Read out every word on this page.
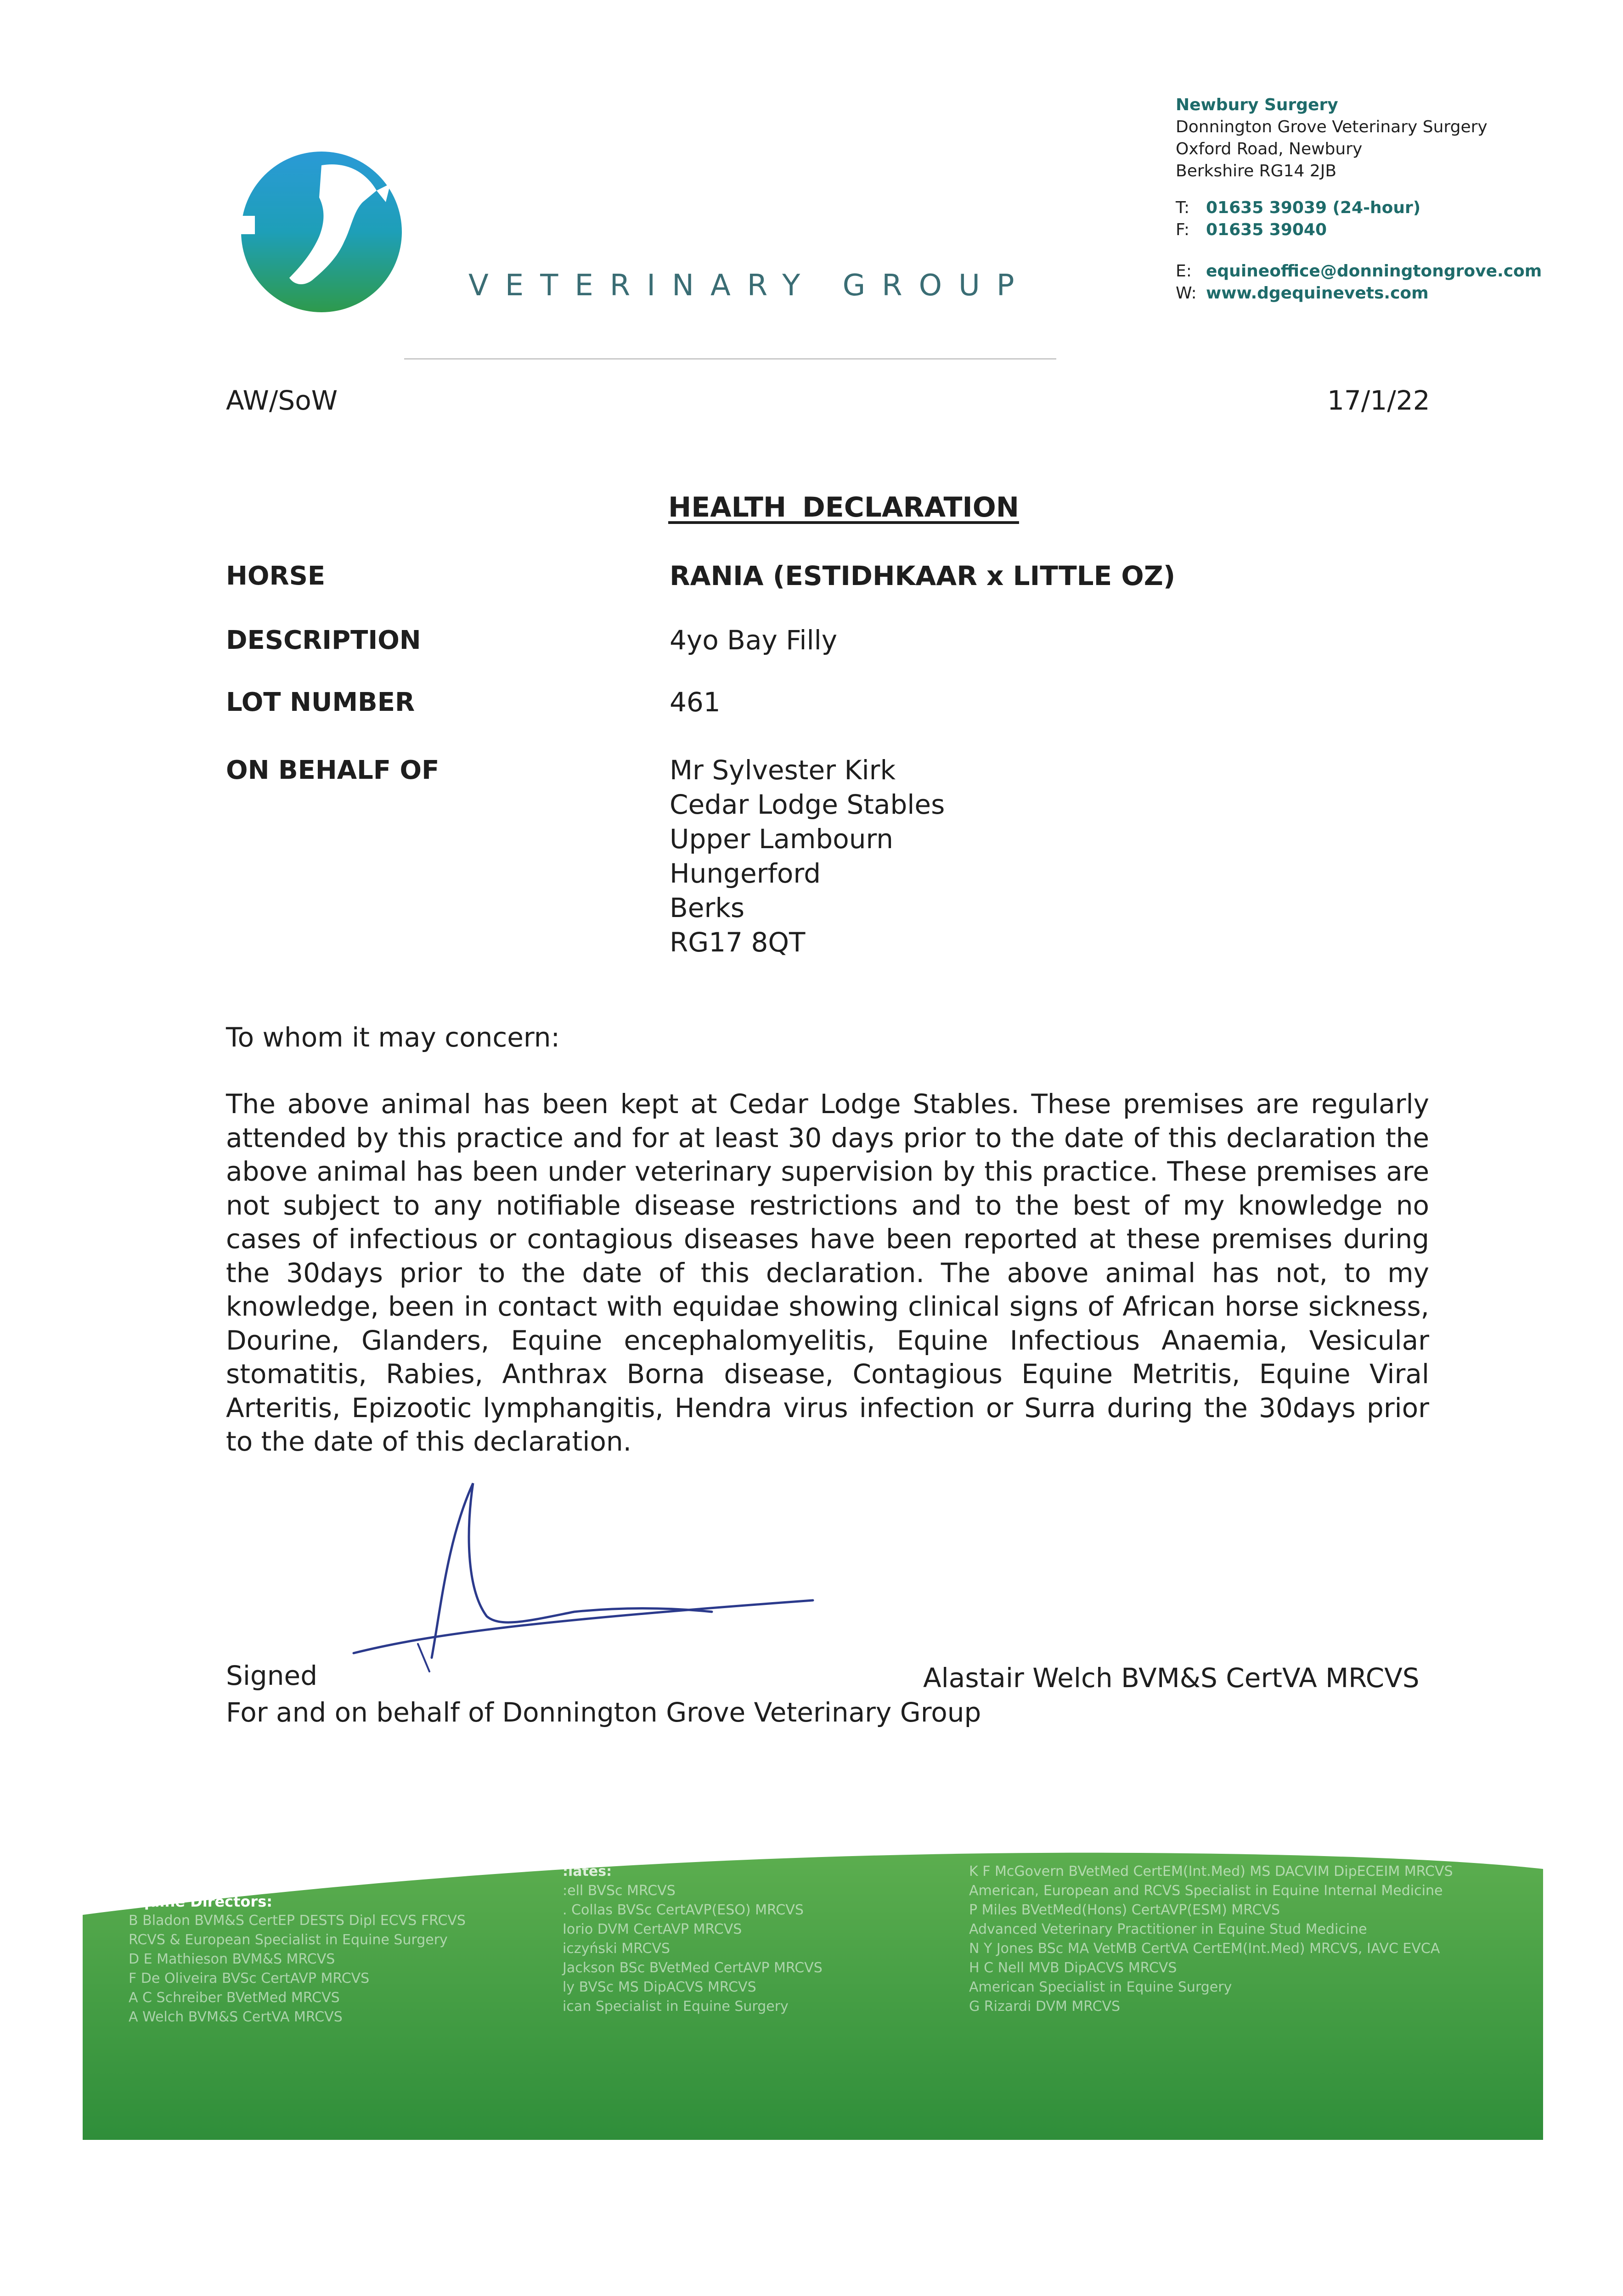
VETERINARY GROUP
Newbury Surgery
Donnington Grove Veterinary Surgery
Oxford Road, Newbury
Berkshire RG14 2JB
T: 01635 39039 (24-hour)
F: 01635 39040
E: equineoffice@donningtongrove.com
W: www.dgequinevets.com
AW/SoW	17/1/22
HEALTH DECLARATION
HORSE	RANIA (ESTIDHKAAR x LITTLE OZ)
DESCRIPTION	4yo Bay Filly
LOT NUMBER	461
ON BEHALF OF	Mr Sylvester Kirk
Cedar Lodge Stables
Upper Lambourn
Hungerford
Berks
RG17 8QT
To whom it may concern:
The above animal has been kept at Cedar Lodge Stables. These premises are regularly attended by this practice and for at least 30 days prior to the date of this declaration the above animal has been under veterinary supervision by this practice. These premises are not subject to any notifiable disease restrictions and to the best of my knowledge no cases of infectious or contagious diseases have been reported at these premises during the 30days prior to the date of this declaration. The above animal has not, to my knowledge, been in contact with equidae showing clinical signs of African horse sickness, Dourine, Glanders, Equine encephalomyelitis, Equine Infectious Anaemia, Vesicular stomatitis, Rabies, Anthrax Borna disease, Contagious Equine Metritis, Equine Viral Arteritis, Epizootic lymphangitis, Hendra virus infection or Surra during the 30days prior to the date of this declaration.
Signed	Alastair Welch BVM&S CertVA MRCVS
For and on behalf of Donnington Grove Veterinary Group
Equine Directors:
B Bladon BVM&S CertEP DESTS Dipl ECVS FRCVS
RCVS & European Specialist in Equine Surgery
D E Mathieson BVM&S MRCVS
F De Oliveira BVSc CertAVP MRCVS
A C Schreiber BVetMed MRCVS
A Welch BVM&S CertVA MRCVS
:iates:
:ell BVSc MRCVS
. Collas BVSc CertAVP(ESO) MRCVS
Iorio DVM CertAVP MRCVS
iczyński MRCVS
Jackson BSc BVetMed CertAVP MRCVS
ly BVSc MS DipACVS MRCVS
ican Specialist in Equine Surgery
K F McGovern BVetMed CertEM(Int.Med) MS DACVIM DipECEIM MRCVS
American, European and RCVS Specialist in Equine Internal Medicine
P Miles BVetMed(Hons) CertAVP(ESM) MRCVS
Advanced Veterinary Practitioner in Equine Stud Medicine
N Y Jones BSc MA VetMB CertVA CertEM(Int.Med) MRCVS, IAVC EVCA
H C Nell MVB DipACVS MRCVS
American Specialist in Equine Surgery
G Rizardi DVM MRCVS
